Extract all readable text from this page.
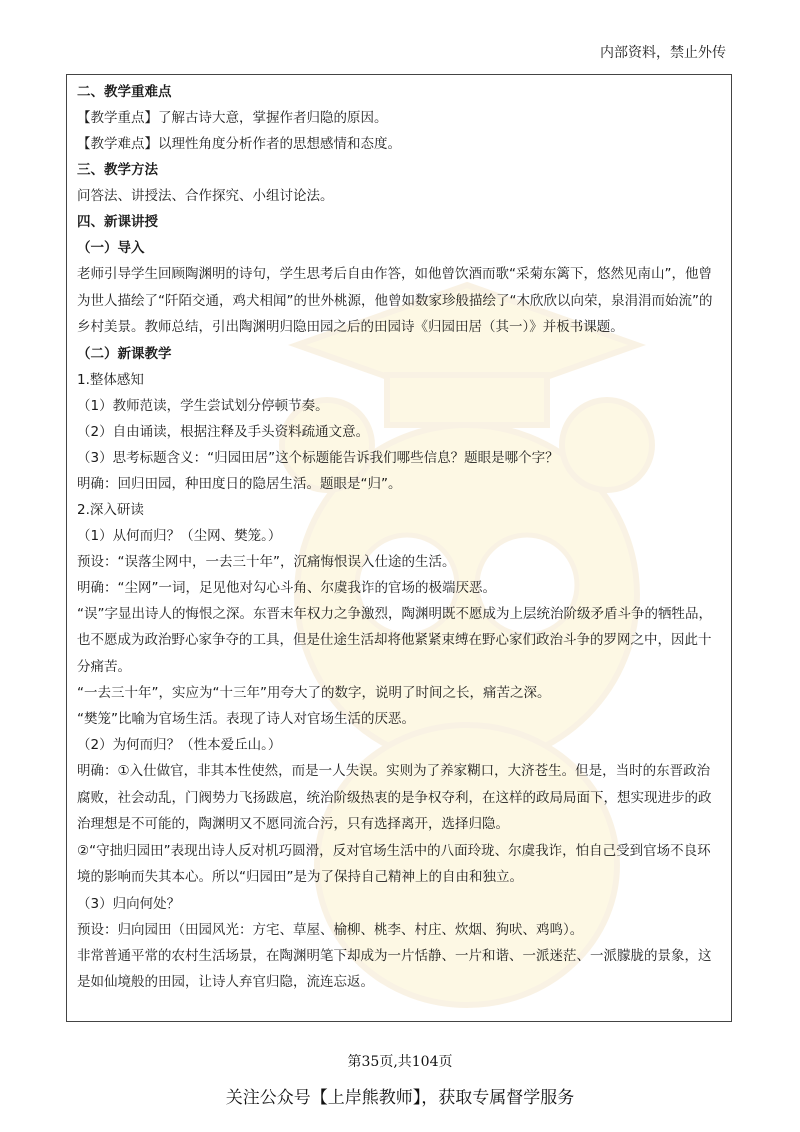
内部资料，禁止外传
二、教学重难点
【教学重点】了解古诗大意，掌握作者归隐的原因。
【教学难点】以理性角度分析作者的思想感情和态度。
三、教学方法
问答法、讲授法、合作探究、小组讨论法。
四、新课讲授
（一）导入
老师引导学生回顾陶渊明的诗句，学生思考后自由作答，如他曾饮酒而歌“采菊东篱下，悠然见南山”，他曾为世人描绘了“阡陌交通，鸡犬相闻”的世外桃源，他曾如数家珍般描绘了“木欣欣以向荣，泉涓涓而始流”的乡村美景。教师总结，引出陶渊明归隐田园之后的田园诗《归园田居（其一）》并板书课题。
（二）新课教学
1.整体感知
（1）教师范读，学生尝试划分停顿节奏。
（2）自由诵读，根据注释及手头资料疏通文意。
（3）思考标题含义：“归园田居”这个标题能告诉我们哪些信息？题眼是哪个字？
明确：回归田园，种田度日的隐居生活。题眼是“归”。
2.深入研读
（1）从何而归？（尘网、樊笼。）
预设：“误落尘网中，一去三十年”，沉痛悔恨误入仕途的生活。
明确：“尘网”一词，足见他对勾心斗角、尔虞我诈的官场的极端厌恶。
“误”字显出诗人的悔恨之深。东晋末年权力之争激烈，陶渊明既不愿成为上层统治阶级矛盾斗争的牺牲品，也不愿成为政治野心家争夺的工具，但是仕途生活却将他紧紧束缚在野心家们政治斗争的罗网之中，因此十分痛苦。
“一去三十年”，实应为“十三年”用夸大了的数字，说明了时间之长，痛苦之深。
“樊笼”比喻为官场生活。表现了诗人对官场生活的厌恶。
（2）为何而归？（性本爱丘山。）
明确：①入仕做官，非其本性使然，而是一人失误。实则为了养家糊口，大济苍生。但是，当时的东晋政治腐败，社会动乱，门阀势力飞扬跋扈，统治阶级热衷的是争权夺利，在这样的政局局面下，想实现进步的政治理想是不可能的，陶渊明又不愿同流合污，只有选择离开，选择归隐。
②“守拙归园田”表现出诗人反对机巧圆滑，反对官场生活中的八面玲珑、尔虞我诈，怕自己受到官场不良环境的影响而失其本心。所以“归园田”是为了保持自己精神上的自由和独立。
（3）归向何处？
预设：归向园田（田园风光：方宅、草屋、榆柳、桃李、村庄、炊烟、狗吠、鸡鸣）。
非常普通平常的农村生活场景，在陶渊明笔下却成为一片恬静、一片和谐、一派迷茫、一派朦胧的景象，这是如仙境般的田园，让诗人弃官归隐，流连忘返。
第35页,共104页
关注公众号【上岸熊教师】，获取专属督学服务
